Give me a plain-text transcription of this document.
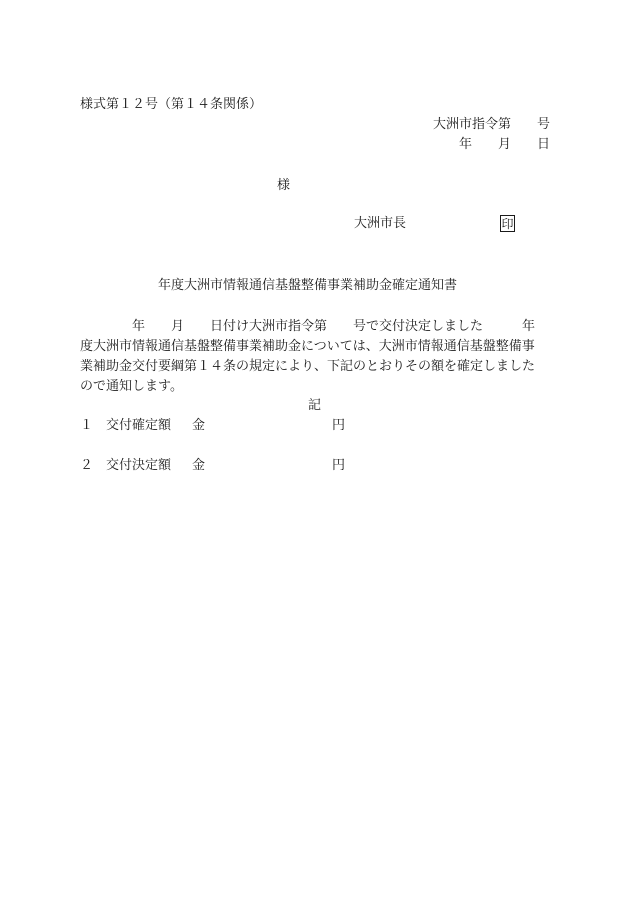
様式第１２号（第１４条関係）
大洲市指令第　　号
年　　月　　日
様
大洲市長	印
年度大洲市情報通信基盤整備事業補助金確定通知書
　　　　年　　月　　日付け大洲市指令第　　号で交付決定しました　　　年
度大洲市情報通信基盤整備事業補助金については、大洲市情報通信基盤整備事
業補助金交付要綱第１４条の規定により、下記のとおりその額を確定しました
ので通知します。
記
１ 交付確定額 金	円
２ 交付決定額 金	円
